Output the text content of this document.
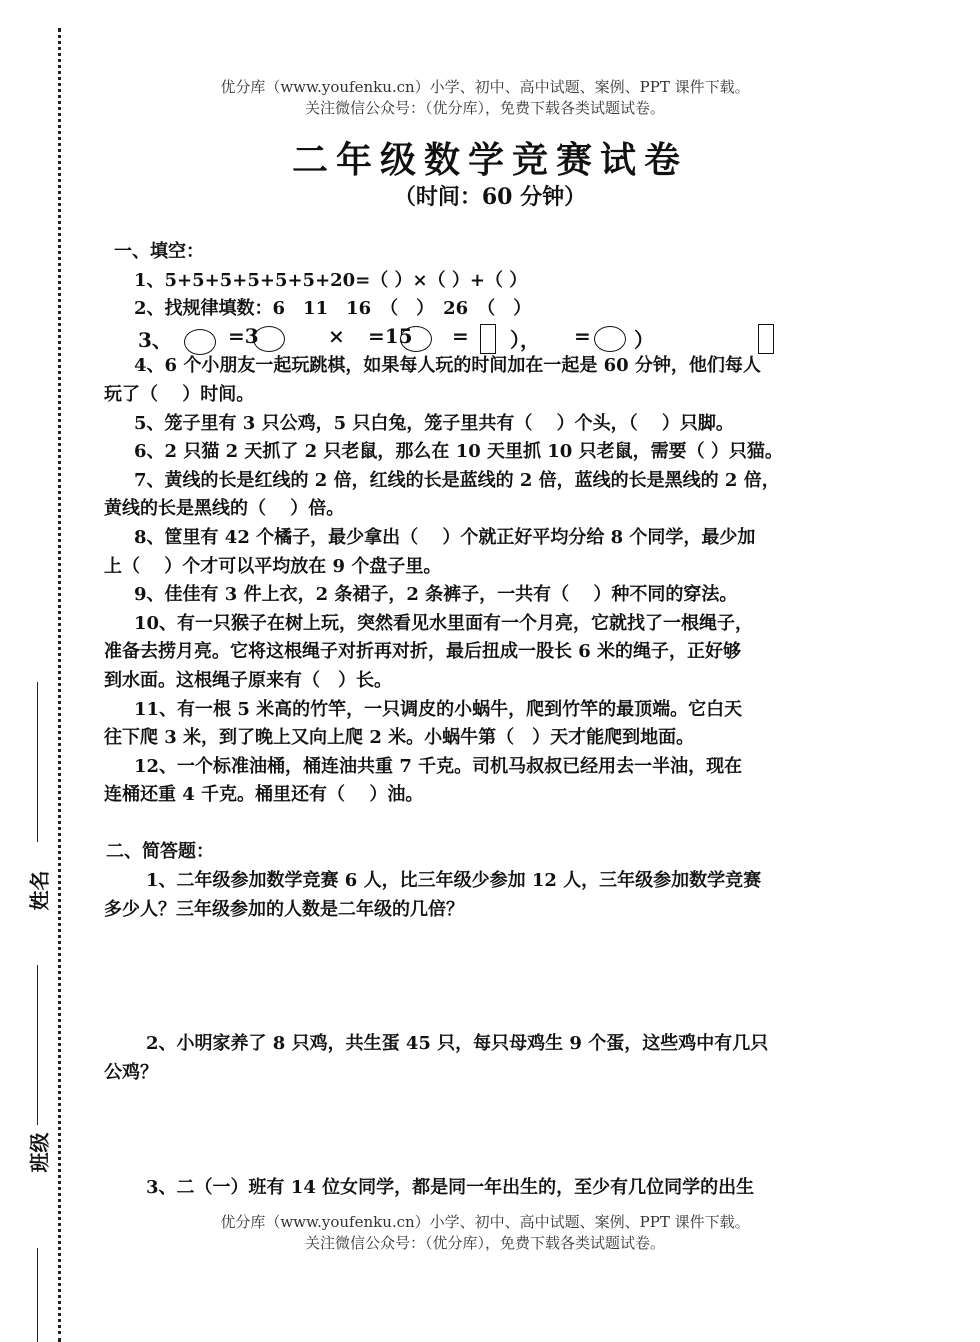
姓名
班级
优分库（www.youfenku.cn）小学、初中、高中试题、案例、PPT 课件下载。
关注微信公众号：（优分库），免费下载各类试题试卷。
二年级数学竞赛试卷
（时间：60 分钟）

一、填空：

1、5+5+5+5+5+5+20=（ ）×（ ）+（ ）

2、找规律填数：6　11　16　（　）　26　（　）

4、6 个小朋友一起玩跳棋，如果每人玩的时间加在一起是 60 分钟，他们每人

玩了（　 ）时间。

5、笼子里有 3 只公鸡，5 只白兔，笼子里共有（　 ）个头，（　 ）只脚。

6、2 只猫 2 天抓了 2 只老鼠，那么在 10 天里抓 10 只老鼠，需要（ ）只猫。

7、黄线的长是红线的 2 倍，红线的长是蓝线的 2 倍，蓝线的长是黑线的 2 倍，

黄线的长是黑线的（　 ）倍。

8、筐里有 42 个橘子，最少拿出（　 ）个就正好平均分给 8 个同学，最少加

上（　 ）个才可以平均放在 9 个盘子里。

9、佳佳有 3 件上衣，2 条裙子，2 条裤子，一共有（　 ）种不同的穿法。

10、有一只猴子在树上玩，突然看见水里面有一个月亮，它就找了一根绳子，

准备去捞月亮。它将这根绳子对折再对折，最后扭成一股长 6 米的绳子，正好够

到水面。这根绳子原来有（　）长。

11、有一根 5 米高的竹竿，一只调皮的小蜗牛，爬到竹竿的最顶端。它白天

往下爬 3 米，到了晚上又向上爬 2 米。小蜗牛第（　）天才能爬到地面。

12、一个标准油桶，桶连油共重 7 千克。司机马叔叔已经用去一半油，现在

连桶还重 4 千克。桶里还有（　 ）油。

二、简答题：

1、二年级参加数学竞赛 6 人，比三年级少参加 12 人，三年级参加数学竞赛

多少人？三年级参加的人数是二年级的几倍？

3、	=3	× =15 = ）， = ）

2、小明家养了 8 只鸡，共生蛋 45 只，每只母鸡生 9 个蛋，这些鸡中有几只

公鸡？

3、二（一）班有 14 位女同学，都是同一年出生的，至少有几位同学的出生

优分库（www.youfenku.cn）小学、初中、高中试题、案例、PPT 课件下载。
关注微信公众号：（优分库），免费下载各类试题试卷。
